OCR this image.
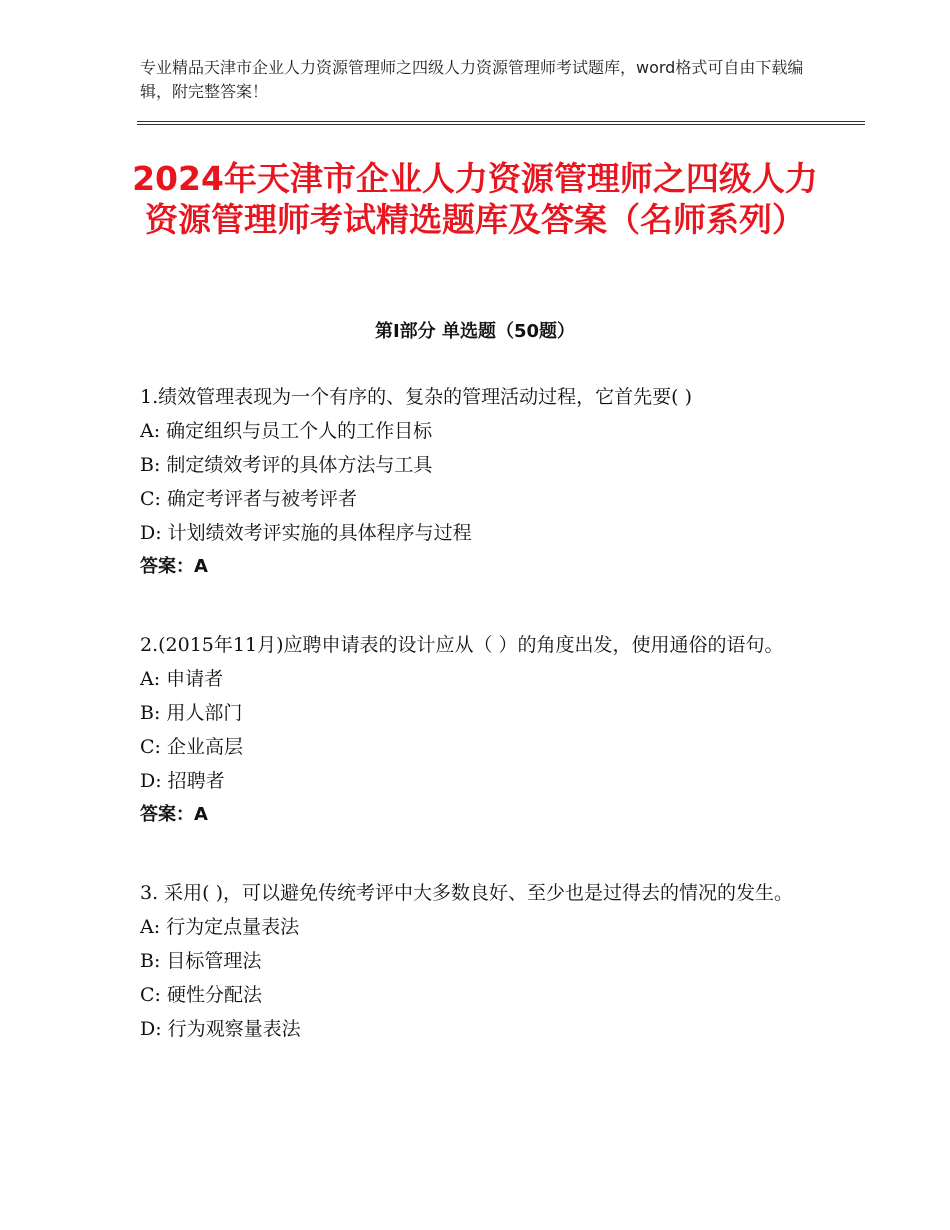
专业精品天津市企业人力资源管理师之四级人力资源管理师考试题库，word格式可自由下载编辑，附完整答案！
2024年天津市企业人力资源管理师之四级人力资源管理师考试精选题库及答案（名师系列）
第Ⅰ部分 单选题（50题）
1.绩效管理表现为一个有序的、复杂的管理活动过程，它首先要( )
A: 确定组织与员工个人的工作目标
B: 制定绩效考评的具体方法与工具
C: 确定考评者与被考评者
D: 计划绩效考评实施的具体程序与过程
答案：A
2.(2015年11月)应聘申请表的设计应从（ ）的角度出发，使用通俗的语句。
A: 申请者
B: 用人部门
C: 企业高层
D: 招聘者
答案：A
3. 采用( )，可以避免传统考评中大多数良好、至少也是过得去的情况的发生。
A: 行为定点量表法
B: 目标管理法
C: 硬性分配法
D: 行为观察量表法
